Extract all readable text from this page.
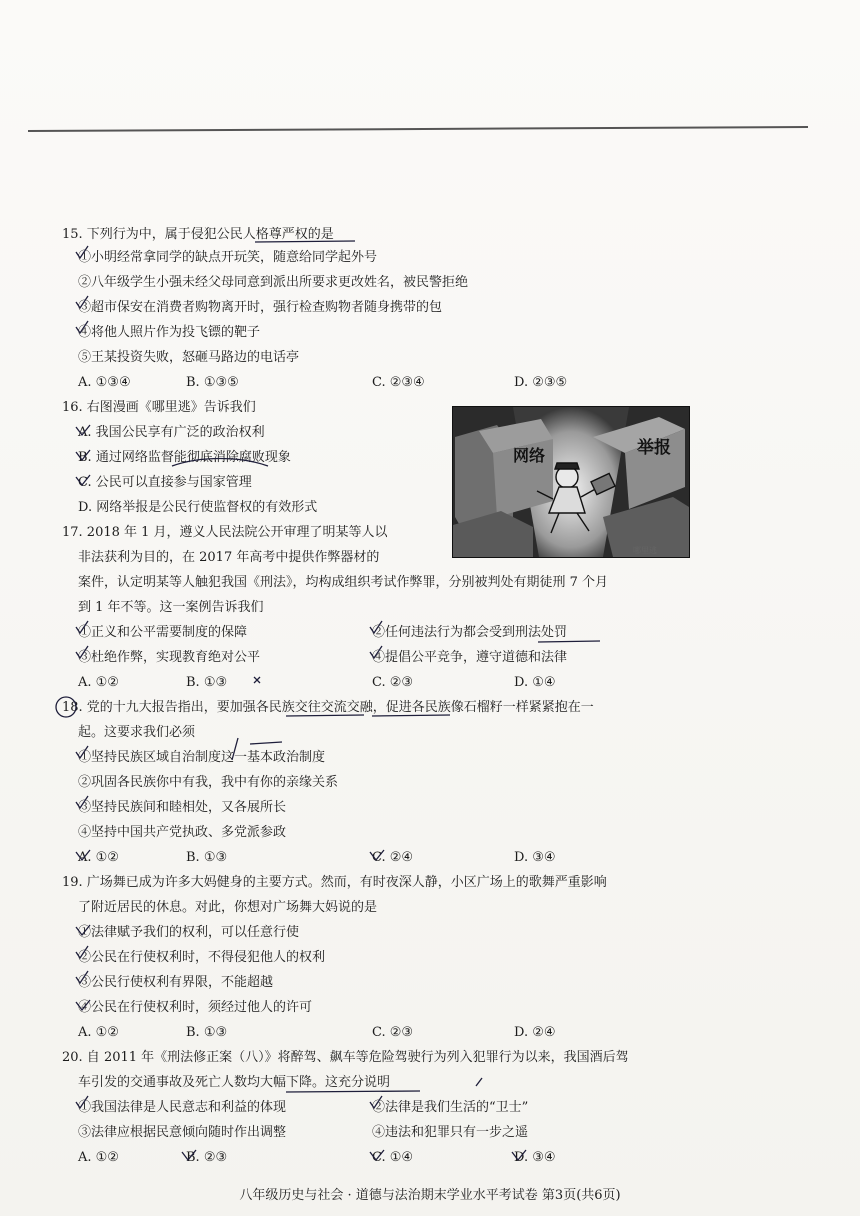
15. 下列行为中，属于侵犯公民人格尊严权的是
①小明经常拿同学的缺点开玩笑，随意给同学起外号
②八年级学生小强未经父母同意到派出所要求更改姓名，被民警拒绝
③超市保安在消费者购物离开时，强行检查购物者随身携带的包
④将他人照片作为投飞镖的靶子
⑤王某投资失败，怒砸马路边的电话亭
A. ①③④	B. ①③⑤	C. ②③④	D. ②③⑤
16. 右图漫画《哪里逃》告诉我们
A. 我国公民享有广泛的政治权利
B. 通过网络监督能彻底消除腐败现象
C. 公民可以直接参与国家管理
D. 网络举报是公民行使监督权的有效形式
网络	举报
哪里逃
17. 2018 年 1 月，遵义人民法院公开审理了明某等人以
非法获利为目的，在 2017 年高考中提供作弊器材的
案件，认定明某等人触犯我国《刑法》，均构成组织考试作弊罪，分别被判处有期徒刑 7 个月
到 1 年不等。这一案例告诉我们
①正义和公平需要制度的保障	②任何违法行为都会受到刑法处罚
③杜绝作弊，实现教育绝对公平	④提倡公平竞争，遵守道德和法律
A. ①②	B. ①③	C. ②③	D. ①④
18. 党的十九大报告指出，要加强各民族交往交流交融，促进各民族像石榴籽一样紧紧抱在一
起。这要求我们必须
①坚持民族区域自治制度这一基本政治制度
②巩固各民族你中有我，我中有你的亲缘关系
③坚持民族间和睦相处，又各展所长
④坚持中国共产党执政、多党派参政
A. ①②	B. ①③	C. ②④	D. ③④
19. 广场舞已成为许多大妈健身的主要方式。然而，有时夜深人静，小区广场上的歌舞严重影响
了附近居民的休息。对此，你想对广场舞大妈说的是
①法律赋予我们的权利，可以任意行使
②公民在行使权利时，不得侵犯他人的权利
③公民行使权利有界限，不能超越
④公民在行使权利时，须经过他人的许可
A. ①②	B. ①③	C. ②③	D. ②④
20. 自 2011 年《刑法修正案（八）》将醉驾、飙车等危险驾驶行为列入犯罪行为以来，我国酒后驾
车引发的交通事故及死亡人数均大幅下降。这充分说明
①我国法律是人民意志和利益的体现	②法律是我们生活的“卫士”
③法律应根据民意倾向随时作出调整	④违法和犯罪只有一步之遥
A. ①②	B. ②③	C. ①④	D. ③④
八年级历史与社会 · 道德与法治期末学业水平考试卷 第3页(共6页)
